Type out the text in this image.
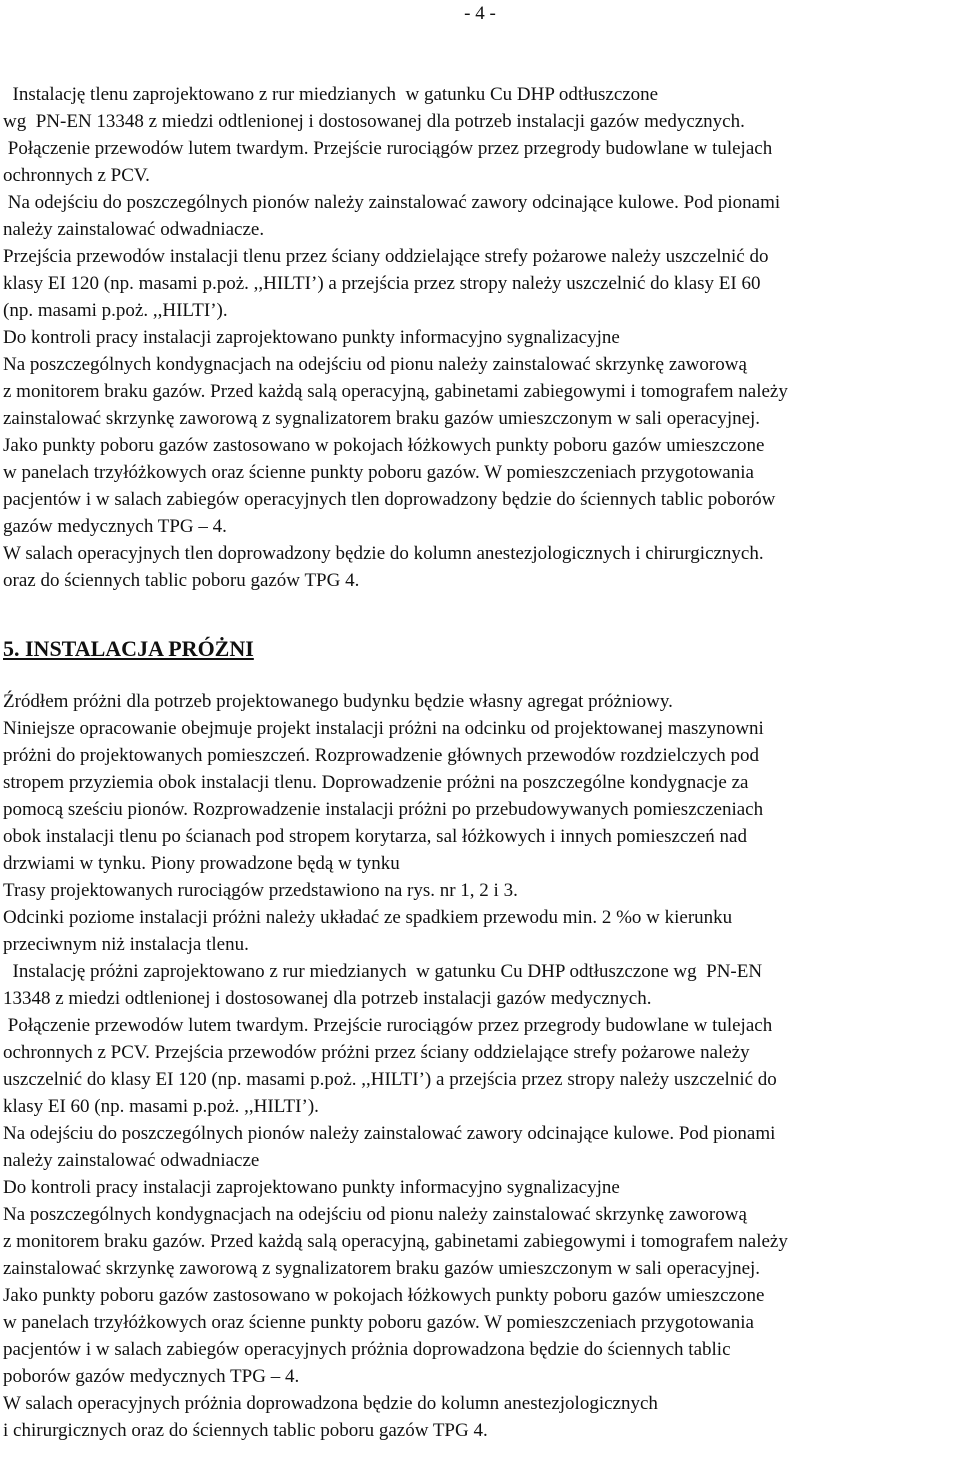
- 4 -
Instalację tlenu zaprojektowano z rur miedzianych  w gatunku Cu DHP odtłuszczone
wg  PN-EN 13348 z miedzi odtlenionej i dostosowanej dla potrzeb instalacji gazów medycznych.
Połączenie przewodów lutem twardym. Przejście rurociągów przez przegrody budowlane w tulejach
ochronnych z PCV.
Na odejściu do poszczególnych pionów należy zainstalować zawory odcinające kulowe. Pod pionami
należy zainstalować odwadniacze.
Przejścia przewodów instalacji tlenu przez ściany oddzielające strefy pożarowe należy uszczelnić do
klasy EI 120 (np. masami p.poż. ,,HILTI’) a przejścia przez stropy należy uszczelnić do klasy EI 60
(np. masami p.poż. ,,HILTI’).
Do kontroli pracy instalacji zaprojektowano punkty informacyjno sygnalizacyjne
Na poszczególnych kondygnacjach na odejściu od pionu należy zainstalować skrzynkę zaworową
z monitorem braku gazów. Przed każdą salą operacyjną, gabinetami zabiegowymi i tomografem należy
zainstalować skrzynkę zaworową z sygnalizatorem braku gazów umieszczonym w sali operacyjnej.
Jako punkty poboru gazów zastosowano w pokojach łóżkowych punkty poboru gazów umieszczone
w panelach trzyłóżkowych oraz ścienne punkty poboru gazów. W pomieszczeniach przygotowania
pacjentów i w salach zabiegów operacyjnych tlen doprowadzony będzie do ściennych tablic poborów
gazów medycznych TPG – 4.
W salach operacyjnych tlen doprowadzony będzie do kolumn anestezjologicznych i chirurgicznych.
oraz do ściennych tablic poboru gazów TPG 4.
5. INSTALACJA PRÓŻNI
Źródłem próżni dla potrzeb projektowanego budynku będzie własny agregat próżniowy.
Niniejsze opracowanie obejmuje projekt instalacji próżni na odcinku od projektowanej maszynowni
próżni do projektowanych pomieszczeń. Rozprowadzenie głównych przewodów rozdzielczych pod
stropem przyziemia obok instalacji tlenu. Doprowadzenie próżni na poszczególne kondygnacje za
pomocą sześciu pionów. Rozprowadzenie instalacji próżni po przebudowywanych pomieszczeniach
obok instalacji tlenu po ścianach pod stropem korytarza, sal łóżkowych i innych pomieszczeń nad
drzwiami w tynku. Piony prowadzone będą w tynku
Trasy projektowanych rurociągów przedstawiono na rys. nr 1, 2 i 3.
Odcinki poziome instalacji próżni należy układać ze spadkiem przewodu min. 2 %o w kierunku
przeciwnym niż instalacja tlenu.
Instalację próżni zaprojektowano z rur miedzianych  w gatunku Cu DHP odtłuszczone wg  PN-EN
13348 z miedzi odtlenionej i dostosowanej dla potrzeb instalacji gazów medycznych.
Połączenie przewodów lutem twardym. Przejście rurociągów przez przegrody budowlane w tulejach
ochronnych z PCV. Przejścia przewodów próżni przez ściany oddzielające strefy pożarowe należy
uszczelnić do klasy EI 120 (np. masami p.poż. ,,HILTI’) a przejścia przez stropy należy uszczelnić do
klasy EI 60 (np. masami p.poż. ,,HILTI’).
Na odejściu do poszczególnych pionów należy zainstalować zawory odcinające kulowe. Pod pionami
należy zainstalować odwadniacze
Do kontroli pracy instalacji zaprojektowano punkty informacyjno sygnalizacyjne
Na poszczególnych kondygnacjach na odejściu od pionu należy zainstalować skrzynkę zaworową
z monitorem braku gazów. Przed każdą salą operacyjną, gabinetami zabiegowymi i tomografem należy
zainstalować skrzynkę zaworową z sygnalizatorem braku gazów umieszczonym w sali operacyjnej.
Jako punkty poboru gazów zastosowano w pokojach łóżkowych punkty poboru gazów umieszczone
w panelach trzyłóżkowych oraz ścienne punkty poboru gazów. W pomieszczeniach przygotowania
pacjentów i w salach zabiegów operacyjnych próżnia doprowadzona będzie do ściennych tablic
poborów gazów medycznych TPG – 4.
W salach operacyjnych próżnia doprowadzona będzie do kolumn anestezjologicznych
i chirurgicznych oraz do ściennych tablic poboru gazów TPG 4.
